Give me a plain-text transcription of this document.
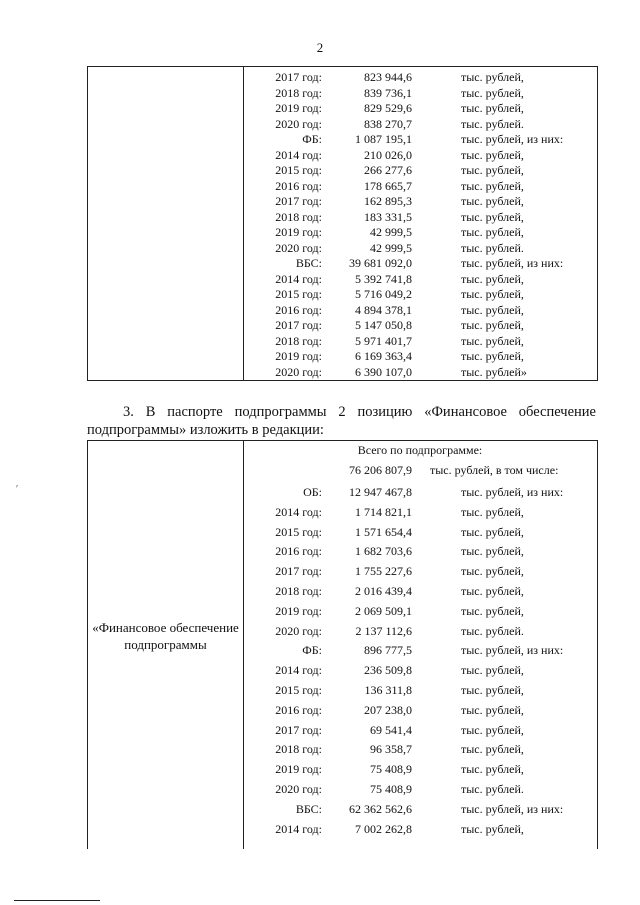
2
2017 год:	823 944,6	тыс. рублей,
2018 год:	839 736,1	тыс. рублей,
2019 год:	829 529,6	тыс. рублей,
2020 год:	838 270,7	тыс. рублей.
ФБ:	1 087 195,1	тыс. рублей, из них:
2014 год:	210 026,0	тыс. рублей,
2015 год:	266 277,6	тыс. рублей,
2016 год:	178 665,7	тыс. рублей,
2017 год:	162 895,3	тыс. рублей,
2018 год:	183 331,5	тыс. рублей,
2019 год:	42 999,5	тыс. рублей,
2020 год:	42 999,5	тыс. рублей.
ВБС: 39 681 092,0	тыс. рублей, из них:
2014 год:	5 392 741,8	тыс. рублей,
2015 год:	5 716 049,2	тыс. рублей,
2016 год:	4 894 378,1	тыс. рублей,
2017 год:	5 147 050,8	тыс. рублей,
2018 год:	5 971 401,7	тыс. рублей,
2019 год:	6 169 363,4	тыс. рублей,
2020 год:	6 390 107,0	тыс. рублей»
3. В паспорте подпрограммы 2 позицию «Финансовое обеспечение подпрограммы» изложить в редакции:
«Финансовое обеспечение подпрограммы
Всего по подпрограмме:
76 206 807,9 тыс. рублей, в том числе:
ОБ: 12 947 467,8	тыс. рублей, из них:
2014 год:	1 714 821,1	тыс. рублей,
2015 год:	1 571 654,4	тыс. рублей,
2016 год:	1 682 703,6	тыс. рублей,
2017 год:	1 755 227,6	тыс. рублей,
2018 год:	2 016 439,4	тыс. рублей,
2019 год:	2 069 509,1	тыс. рублей,
2020 год:	2 137 112,6	тыс. рублей.
ФБ:	896 777,5	тыс. рублей, из них:
2014 год:	236 509,8	тыс. рублей,
2015 год:	136 311,8	тыс. рублей,
2016 год:	207 238,0	тыс. рублей,
2017 год:	69 541,4	тыс. рублей,
2018 год:	96 358,7	тыс. рублей,
2019 год:	75 408,9	тыс. рублей,
2020 год:	75 408,9	тыс. рублей.
ВБС: 62 362 562,6	тыс. рублей, из них:
2014 год:	7 002 262,8	тыс. рублей,
ʹ
